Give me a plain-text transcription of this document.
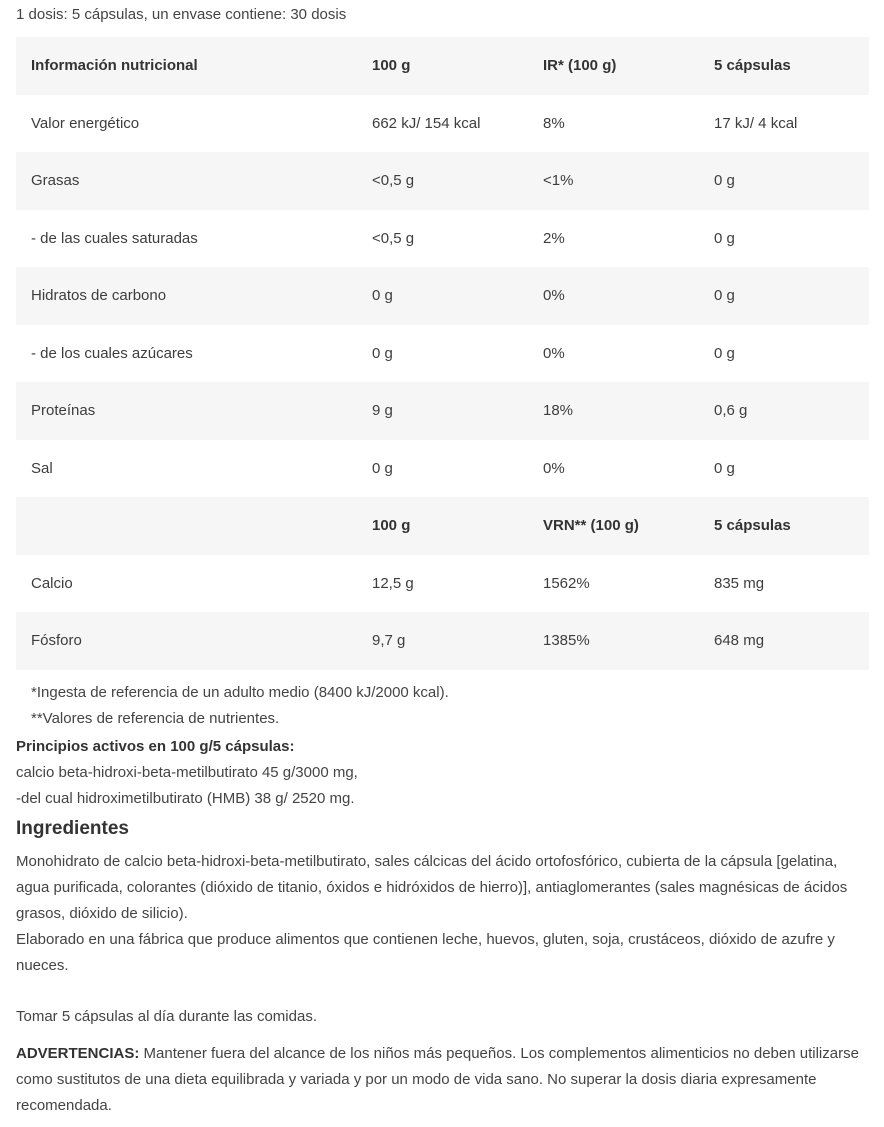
1 dosis: 5 cápsulas, un envase contiene: 30 dosis
Información nutricional	100 g	IR* (100 g)	5 cápsulas
Valor energético	662 kJ/ 154 kcal	8%	17 kJ/ 4 kcal
Grasas	<0,5 g	<1%	0 g
- de las cuales saturadas	<0,5 g	2%	0 g
Hidratos de carbono	0 g	0%	0 g
- de los cuales azúcares	0 g	0%	0 g
Proteínas	9 g	18%	0,6 g
Sal	0 g	0%	0 g
	100 g	VRN** (100 g)	5 cápsulas
Calcio	12,5 g	1562%	835 mg
Fósforo	9,7 g	1385%	648 mg
*Ingesta de referencia de un adulto medio (8400 kJ/2000 kcal).
**Valores de referencia de nutrientes.
Principios activos en 100 g/5 cápsulas:
calcio beta-hidroxi-beta-metilbutirato 45 g/3000 mg,
-del cual hidroximetilbutirato (HMB) 38 g/ 2520 mg.
Ingredientes

Monohidrato de calcio beta-hidroxi-beta-metilbutirato, sales cálcicas del ácido ortofosfórico, cubierta de la cápsula [gelatina, agua purificada, colorantes (dióxido de titanio, óxidos e hidróxidos de hierro)], antiaglomerantes (sales magnésicas de ácidos grasos, dióxido de silicio).

Elaborado en una fábrica que produce alimentos que contienen leche, huevos, gluten, soja, crustáceos, dióxido de azufre y nueces.

Tomar 5 cápsulas al día durante las comidas.
ADVERTENCIAS: Mantener fuera del alcance de los niños más pequeños. Los complementos alimenticios no deben utilizarse como sustitutos de una dieta equilibrada y variada y por un modo de vida sano. No superar la dosis diaria expresamente recomendada.
